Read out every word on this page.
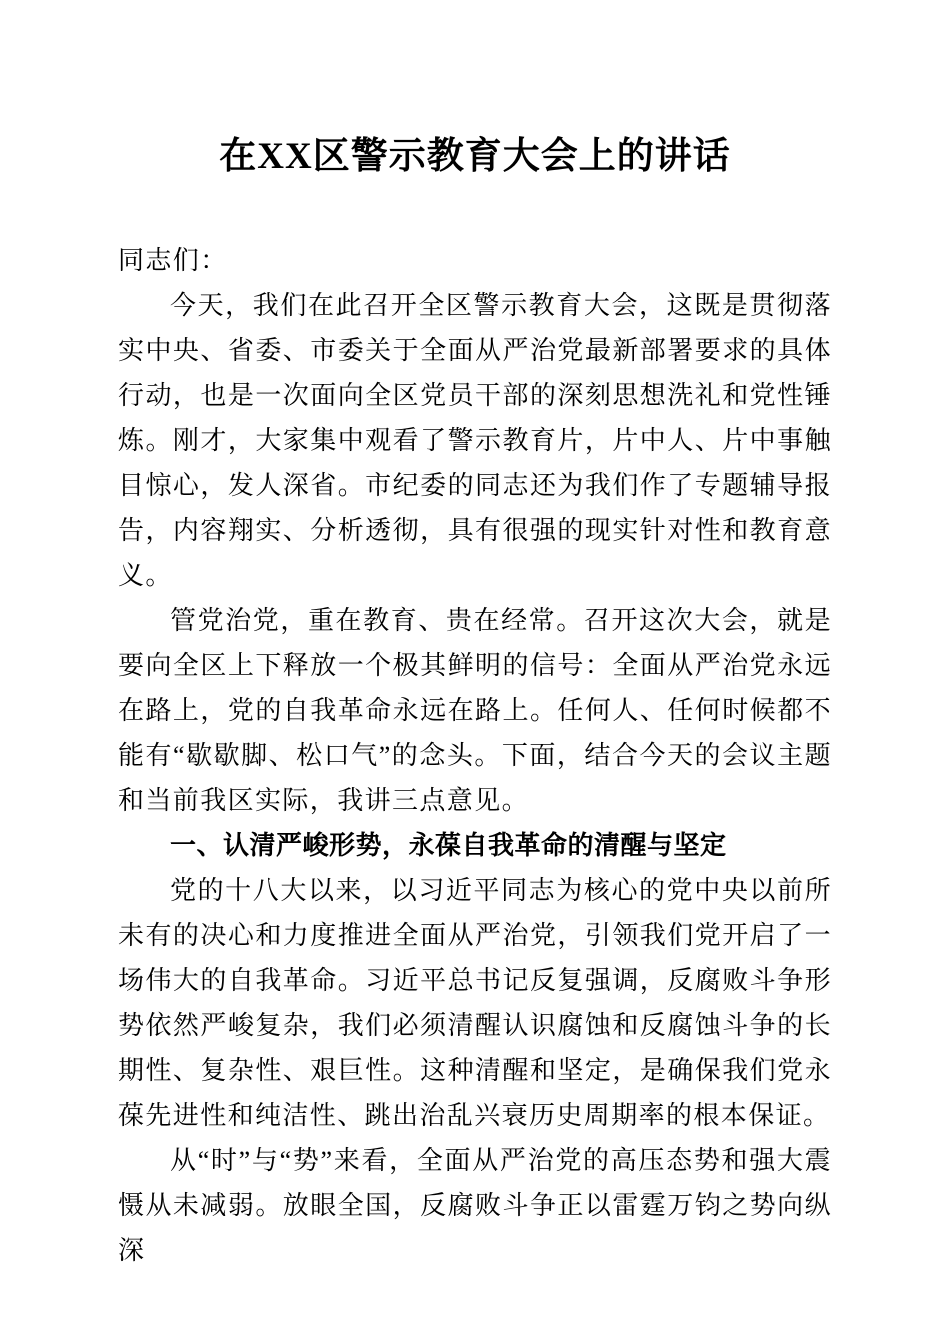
在XX区警示教育大会上的讲话

同志们：

今天，我们在此召开全区警示教育大会，这既是贯彻落实中央、省委、市委关于全面从严治党最新部署要求的具体行动，也是一次面向全区党员干部的深刻思想洗礼和党性锤炼。刚才，大家集中观看了警示教育片，片中人、片中事触目惊心，发人深省。市纪委的同志还为我们作了专题辅导报告，内容翔实、分析透彻，具有很强的现实针对性和教育意义。

管党治党，重在教育、贵在经常。召开这次大会，就是要向全区上下释放一个极其鲜明的信号：全面从严治党永远在路上，党的自我革命永远在路上。任何人、任何时候都不能有“歇歇脚、松口气”的念头。下面，结合今天的会议主题和当前我区实际，我讲三点意见。

一、认清严峻形势，永葆自我革命的清醒与坚定

党的十八大以来，以习近平同志为核心的党中央以前所未有的决心和力度推进全面从严治党，引领我们党开启了一场伟大的自我革命。习近平总书记反复强调，反腐败斗争形势依然严峻复杂，我们必须清醒认识腐蚀和反腐蚀斗争的长期性、复杂性、艰巨性。这种清醒和坚定，是确保我们党永葆先进性和纯洁性、跳出治乱兴衰历史周期率的根本保证。

从“时”与“势”来看，全面从严治党的高压态势和强大震慑从未减弱。放眼全国，反腐败斗争正以雷霆万钧之势向纵深
